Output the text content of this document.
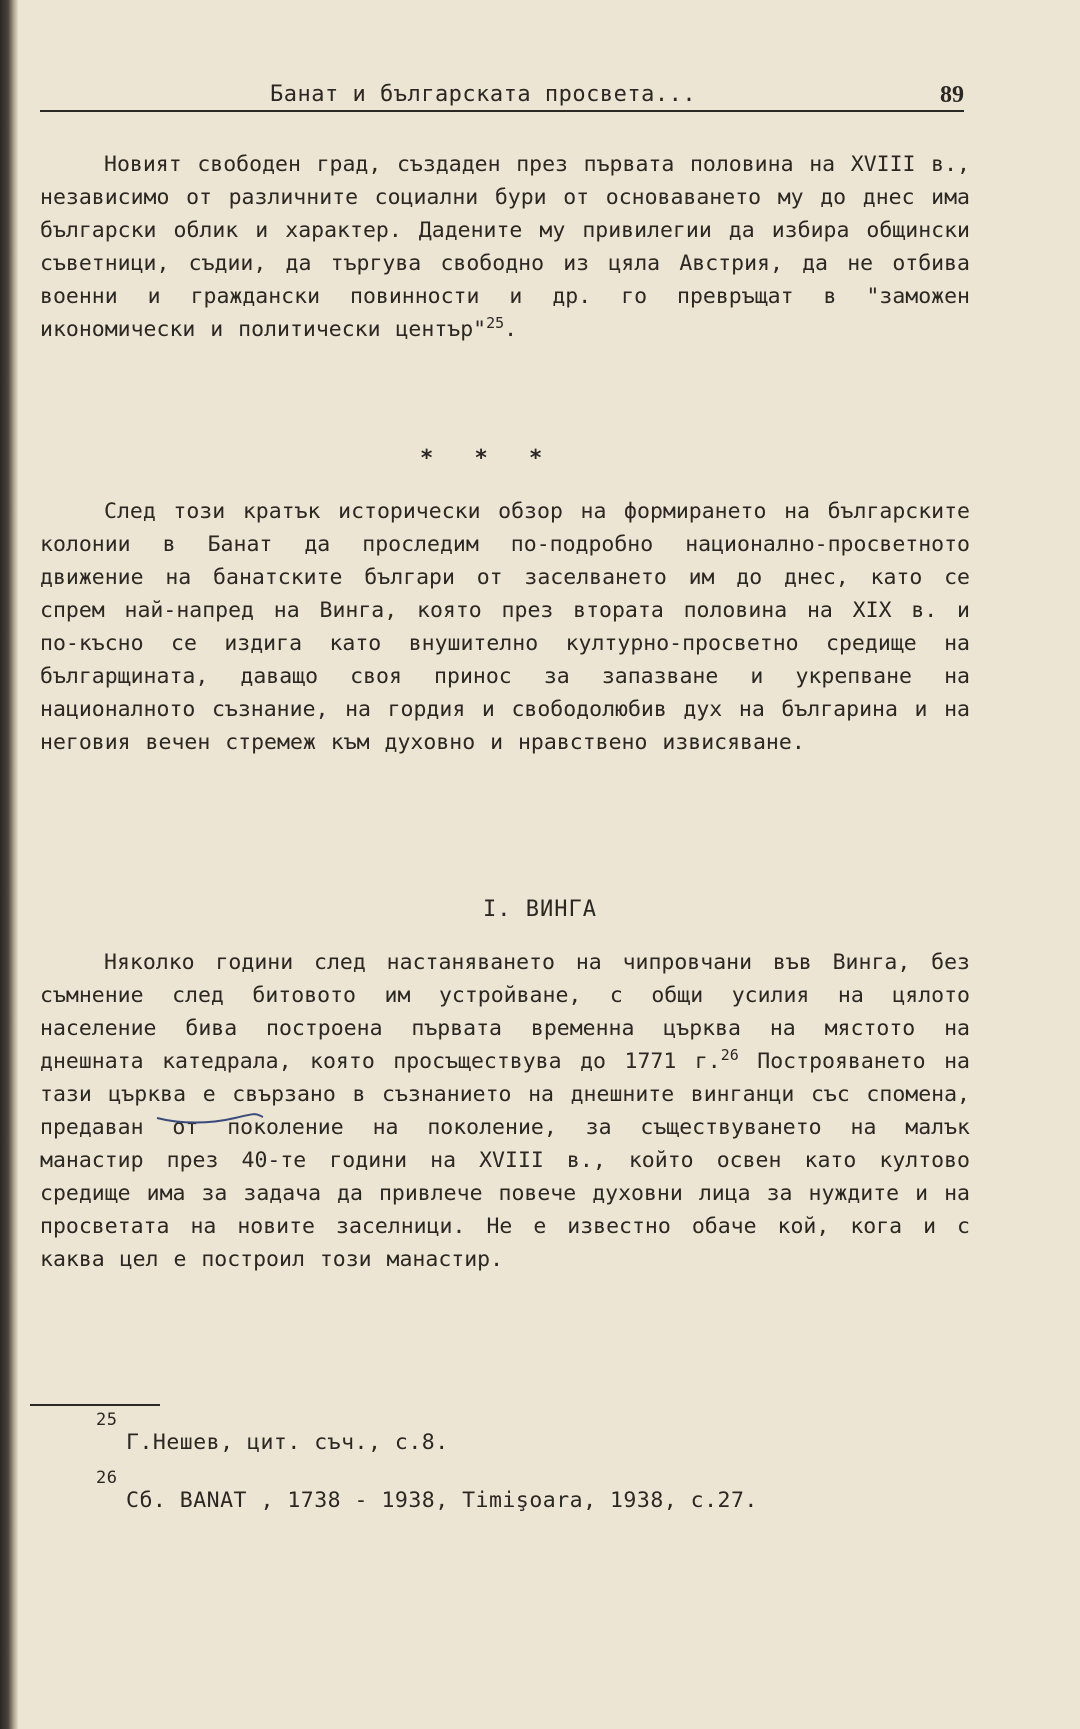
Банат и българската просвета...	89

Новият свободен град, създаден през първата половина на XVIII в., независимо от различните социални бури от основаването му до днес има български облик и характер. Дадените му привилегии да избира общински съветници, съдии, да търгува свободно из цяла Австрия, да не отбива военни и граждански повинности и др. го превръщат в "заможен икономически и политически център"$^{25}$.

* * *

След този кратък исторически обзор на формирането на българските колонии в Банат да проследим по-подробно национално-просветното движение на банатските българи от заселването им до днес, като се спрем най-напред на Винга, която през втората половина на XIX в. и по-късно се издига като внушително културно-просветно средище на българщината, даващо своя принос за запазване и укрепване на националното съзнание, на гордия и свободолюбив дух на българина и на неговия вечен стремеж към духовно и нравствено извисяване.

I. ВИНГА

Няколко години след настаняването на чипровчани във Винга, без съмнение след битовото им устройване, с общи усилия на цялото население бива построена първата временна църква на мястото на днешната катедрала, която просъществува до 1771 г.$^{26}$ Построяването на тази църква е свързано в съзнанието на днешните винганци със спомена, предаван от поколение на поколение, за съществуването на малък манастир през 40-те години на XVIII в., който освен като култово средище има за задача да привлече повече духовни лица за нуждите и на просветата на новите заселници. Не е известно обаче кой, кога и с каква цел е построил този манастир.

25
Г.Нешев, цит. съч., с.8.
26
Сб. BANAT , 1738 - 1938, Timişoara, 1938, с.27.
